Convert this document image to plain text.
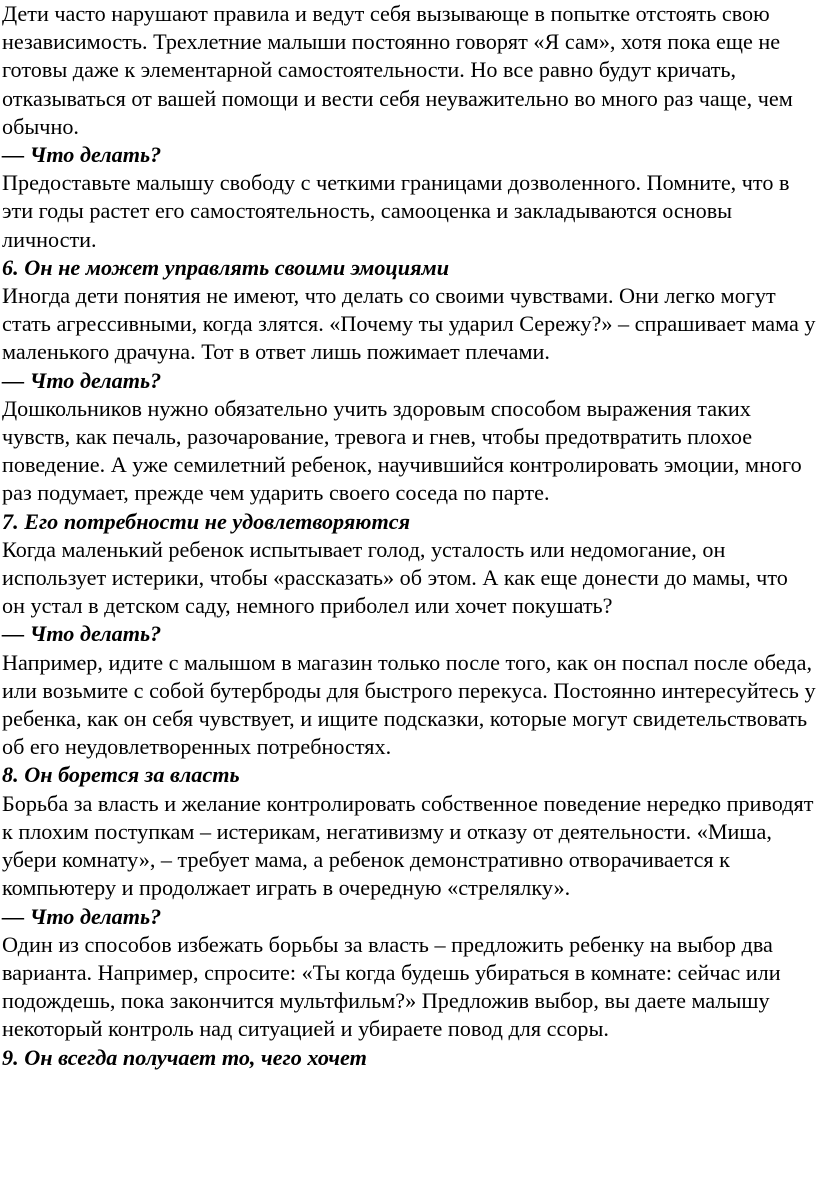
Дети часто нарушают правила и ведут себя вызывающе в попытке отстоять свою независимость. Трехлетние малыши постоянно говорят «Я сам», хотя пока еще не готовы даже к элементарной самостоятельности. Но все равно будут кричать, отказываться от вашей помощи и вести себя неуважительно во много раз чаще, чем обычно.

— Что делать?

Предоставьте малышу свободу с четкими границами дозволенного. Помните, что в эти годы растет его самостоятельность, самооценка и закладываются основы личности.

6. Он не может управлять своими эмоциями

Иногда дети понятия не имеют, что делать со своими чувствами. Они легко могут стать агрессивными, когда злятся. «Почему ты ударил Сережу?» – спрашивает мама у маленького драчуна. Тот в ответ лишь пожимает плечами.

— Что делать?

Дошкольников нужно обязательно учить здоровым способом выражения таких чувств, как печаль, разочарование, тревога и гнев, чтобы предотвратить плохое поведение. А уже семилетний ребенок, научившийся контролировать эмоции, много раз подумает, прежде чем ударить своего соседа по парте.

7. Его потребности не удовлетворяются

Когда маленький ребенок испытывает голод, усталость или недомогание, он использует истерики, чтобы «рассказать» об этом. А как еще донести до мамы, что он устал в детском саду, немного приболел или хочет покушать?

— Что делать?

Например, идите с малышом в магазин только после того, как он поспал после обеда, или возьмите с собой бутерброды для быстрого перекуса. Постоянно интересуйтесь у ребенка, как он себя чувствует, и ищите подсказки, которые могут свидетельствовать об его неудовлетворенных потребностях.

8. Он борется за власть

Борьба за власть и желание контролировать собственное поведение нередко приводят к плохим поступкам – истерикам, негативизму и отказу от деятельности. «Миша, убери комнату», – требует мама, а ребенок демонстративно отворачивается к компьютеру и продолжает играть в очередную «стрелялку».

— Что делать?

Один из способов избежать борьбы за власть – предложить ребенку на выбор два варианта. Например, спросите: «Ты когда будешь убираться в комнате: сейчас или подождешь, пока закончится мультфильм?» Предложив выбор, вы даете малышу некоторый контроль над ситуацией и убираете повод для ссоры.

9. Он всегда получает то, чего хочет
